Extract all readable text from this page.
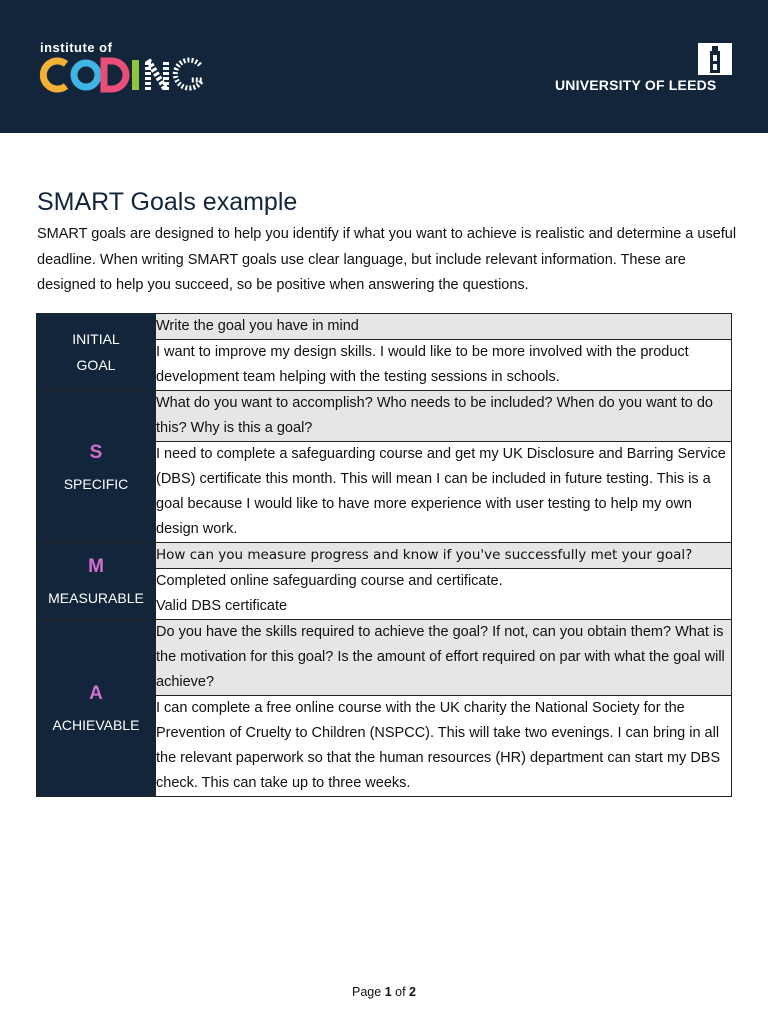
institute of
UNIVERSITY OF LEEDS
SMART Goals example
SMART goals are designed to help you identify if what you want to achieve is realistic and determine a useful deadline. When writing SMART goals use clear language, but include relevant information. These are designed to help you succeed, so be positive when answering the questions.
INITIAL
GOAL	Write the goal you have in mind
	I want to improve my design skills. I would like to be more involved with the product development team helping with the testing sessions in schools.

S
SPECIFIC	What do you want to accomplish? Who needs to be included? When do you want to do this? Why is this a goal?
	I need to complete a safeguarding course and get my UK Disclosure and Barring Service (DBS) certificate this month. This will mean I can be included in future testing. This is a goal because I would like to have more experience with user testing to help my own design work.

M
MEASURABLE	How can you measure progress and know if you've successfully met your goal?

	Completed online safeguarding course and certificate.
Valid DBS certificate

A
ACHIEVABLE	Do you have the skills required to achieve the goal? If not, can you obtain them? What is the motivation for this goal? Is the amount of effort required on par with what the goal will achieve?
	I can complete a free online course with the UK charity the National Society for the Prevention of Cruelty to Children (NSPCC). This will take two evenings. I can bring in all the relevant paperwork so that the human resources (HR) department can start my DBS check. This can take up to three weeks.
Page 1 of 2
